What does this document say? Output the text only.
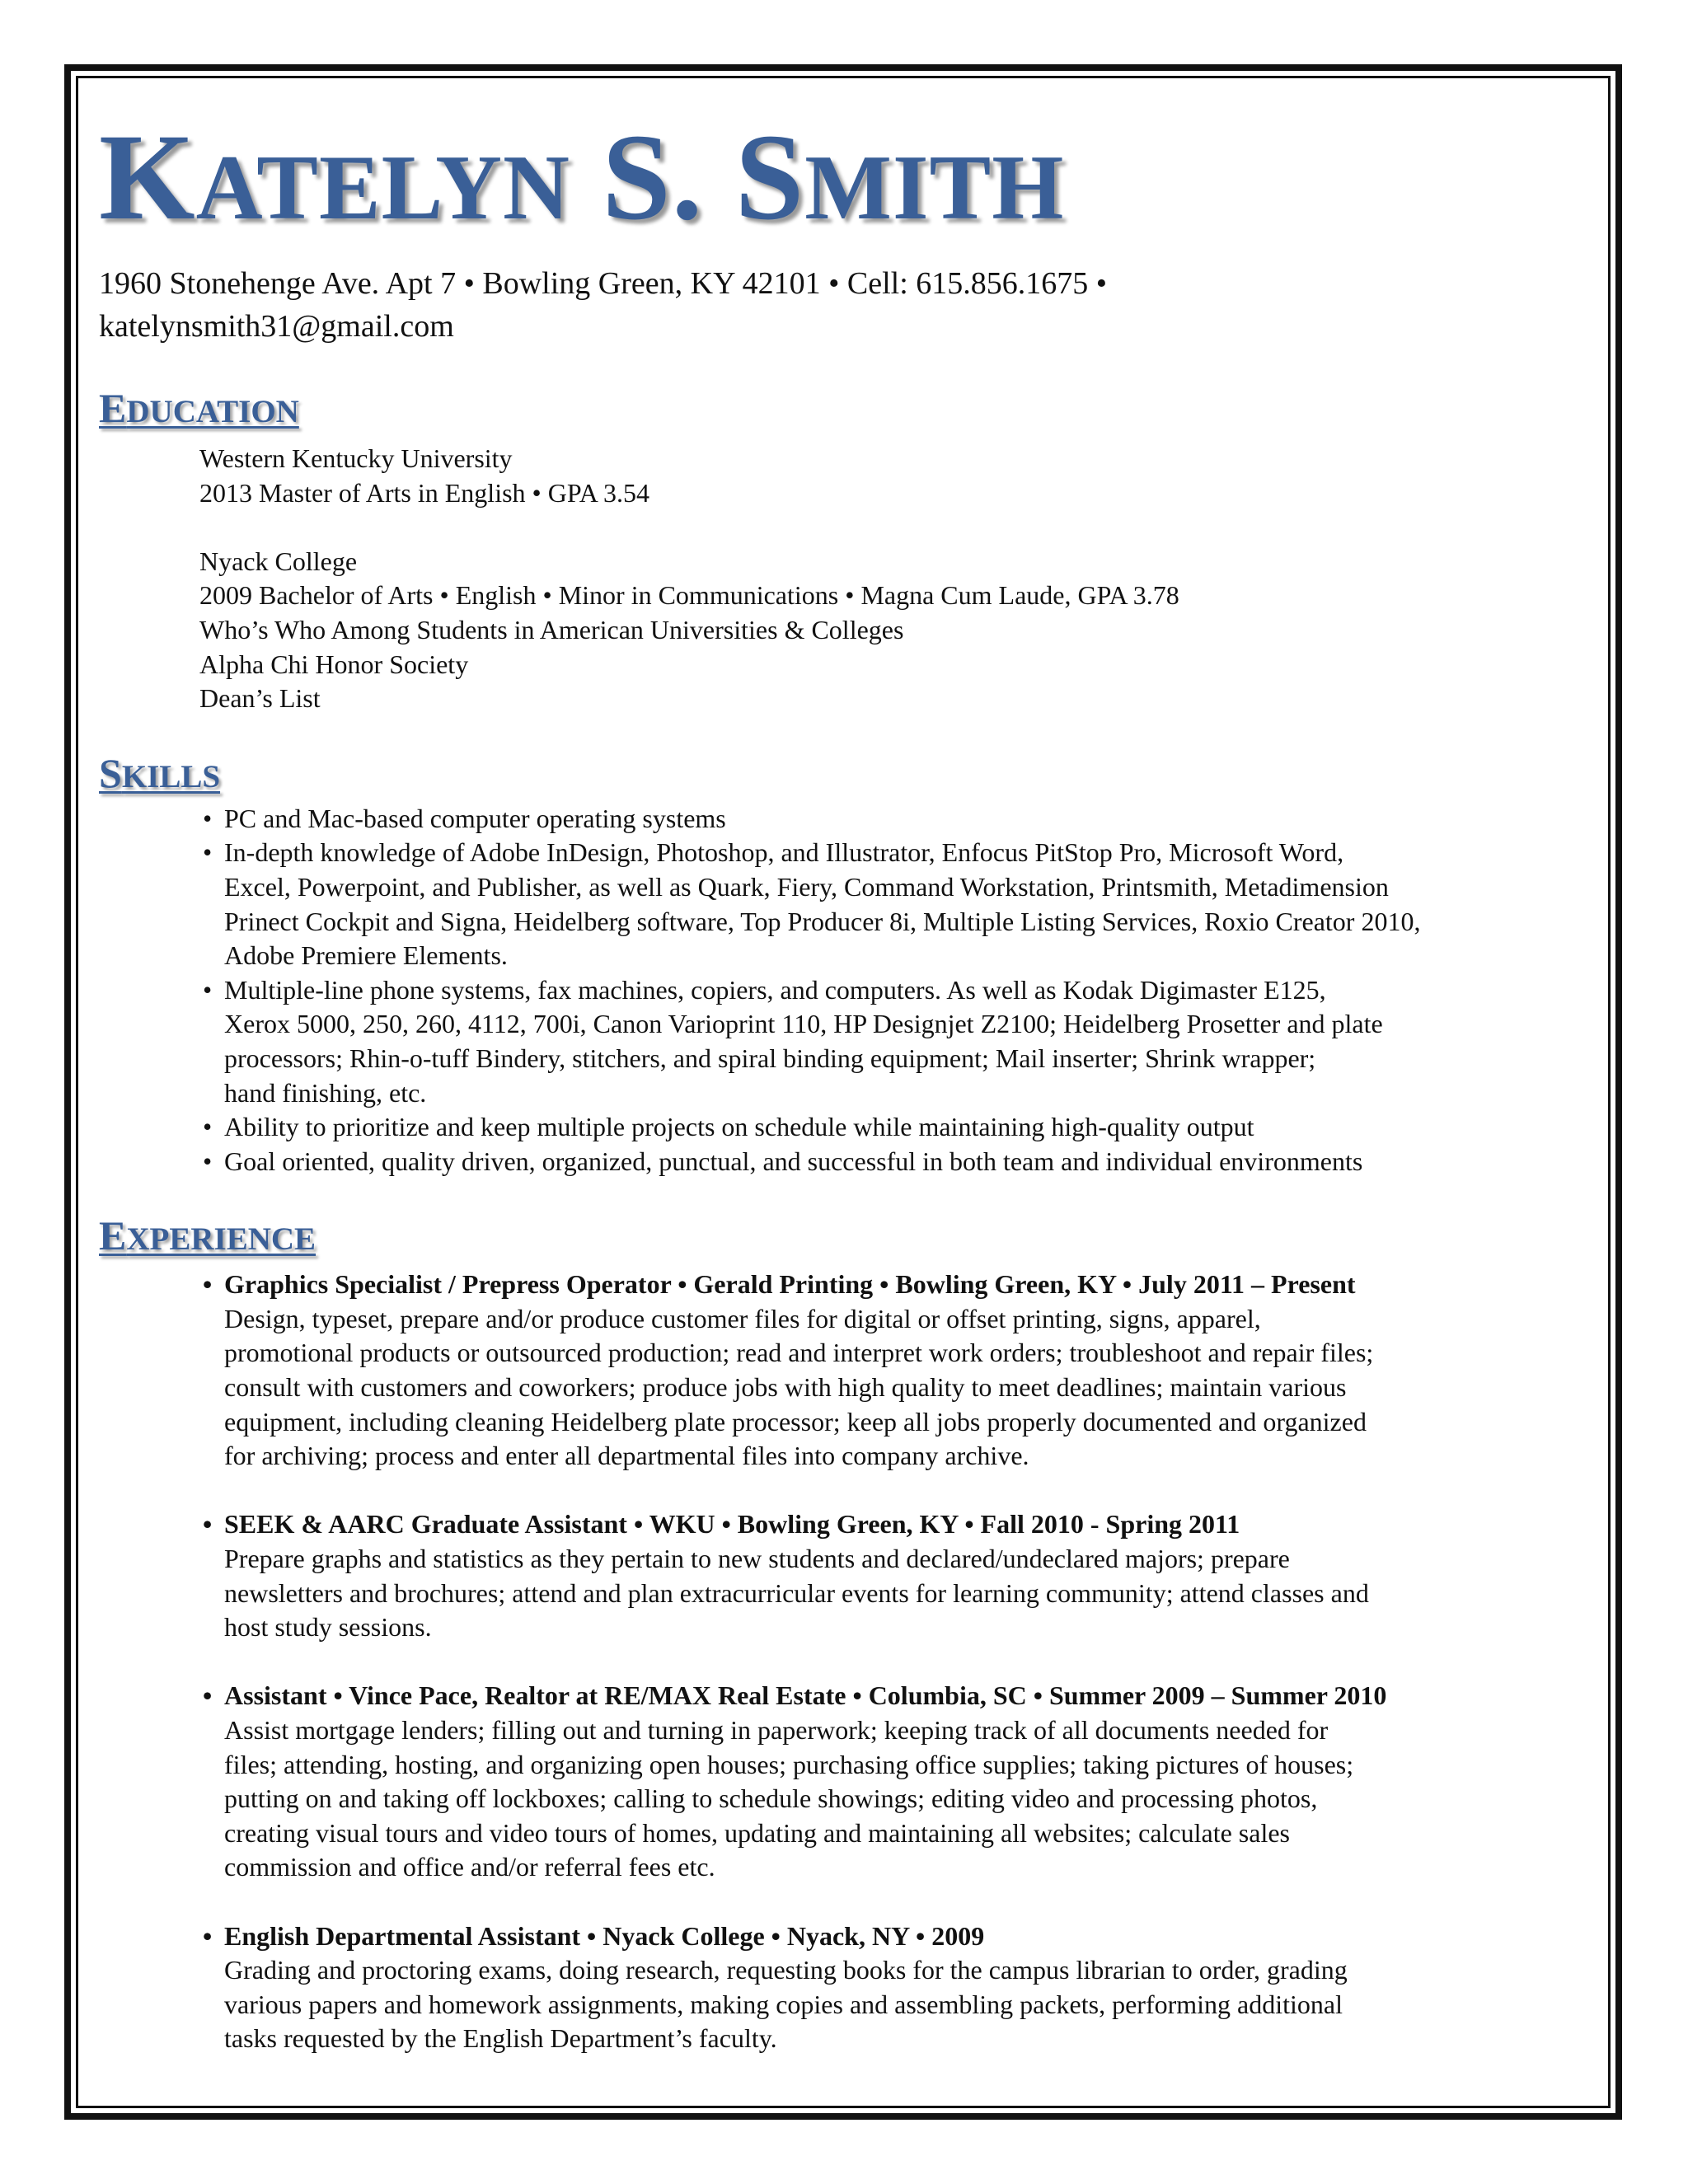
KATELYN S. SMITH
1960 Stonehenge Ave. Apt 7 • Bowling Green, KY 42101 • Cell: 615.856.1675 •
katelynsmith31@gmail.com
EDUCATION
Western Kentucky University
2013 Master of Arts in English • GPA 3.54
Nyack College
2009 Bachelor of Arts • English • Minor in Communications • Magna Cum Laude, GPA 3.78
Who’s Who Among Students in American Universities & Colleges
Alpha Chi Honor Society
Dean’s List
SKILLS
• PC and Mac-based computer operating systems
• In-depth knowledge of Adobe InDesign, Photoshop, and Illustrator, Enfocus PitStop Pro, Microsoft Word,
Excel, Powerpoint, and Publisher, as well as Quark, Fiery, Command Workstation, Printsmith, Metadimension
Prinect Cockpit and Signa, Heidelberg software, Top Producer 8i, Multiple Listing Services, Roxio Creator 2010,
Adobe Premiere Elements.
• Multiple-line phone systems, fax machines, copiers, and computers. As well as Kodak Digimaster E125,
Xerox 5000, 250, 260, 4112, 700i, Canon Varioprint 110, HP Designjet Z2100; Heidelberg Prosetter and plate
processors; Rhin-o-tuff Bindery, stitchers, and spiral binding equipment; Mail inserter; Shrink wrapper;
hand finishing, etc.
• Ability to prioritize and keep multiple projects on schedule while maintaining high-quality output
• Goal oriented, quality driven, organized, punctual, and successful in both team and individual environments
EXPERIENCE
• Graphics Specialist / Prepress Operator • Gerald Printing • Bowling Green, KY • July 2011 – Present
Design, typeset, prepare and/or produce customer files for digital or offset printing, signs, apparel,
promotional products or outsourced production; read and interpret work orders; troubleshoot and repair files;
consult with customers and coworkers; produce jobs with high quality to meet deadlines; maintain various
equipment, including cleaning Heidelberg plate processor; keep all jobs properly documented and organized
for archiving; process and enter all departmental files into company archive.
• SEEK & AARC Graduate Assistant • WKU • Bowling Green, KY • Fall 2010 - Spring 2011
Prepare graphs and statistics as they pertain to new students and declared/undeclared majors; prepare
newsletters and brochures; attend and plan extracurricular events for learning community; attend classes and
host study sessions.
• Assistant • Vince Pace, Realtor at RE/MAX Real Estate • Columbia, SC • Summer 2009 – Summer 2010
Assist mortgage lenders; filling out and turning in paperwork; keeping track of all documents needed for
files; attending, hosting, and organizing open houses; purchasing office supplies; taking pictures of houses;
putting on and taking off lockboxes; calling to schedule showings; editing video and processing photos,
creating visual tours and video tours of homes, updating and maintaining all websites; calculate sales
commission and office and/or referral fees etc.
• English Departmental Assistant • Nyack College • Nyack, NY • 2009
Grading and proctoring exams, doing research, requesting books for the campus librarian to order, grading
various papers and homework assignments, making copies and assembling packets, performing additional
tasks requested by the English Department’s faculty.
